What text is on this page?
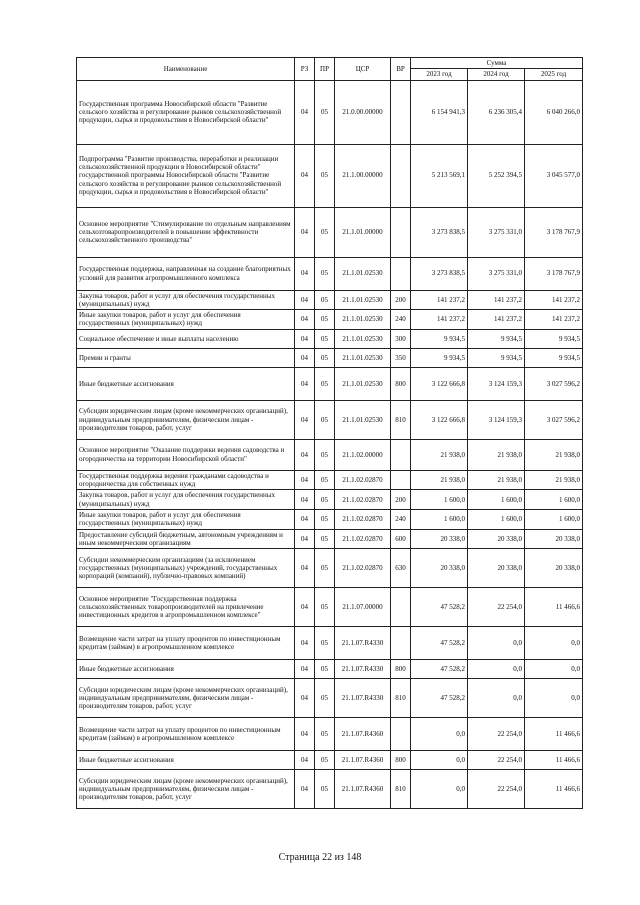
Наименование	РЗ	ПР	ЦСР	ВР	Сумма		
					2023 год	2024 год	2025 год
Государственная программа Новосибирской области "Развитие сельского хозяйства и регулирование рынков сельскохозяйственной продукции, сырья и продовольствия в Новосибирской области"	04	05	21.0.00.00000		6 154 941,3	6 236 305,4	6 040 266,0
Подпрограмма "Развитие производства, переработки и реализации сельскохозяйственной продукции в Новосибирской области" государственной программы Новосибирской области "Развитие сельского хозяйства и регулирование рынков сельскохозяйственной продукции, сырья и продовольствия в Новосибирской области"	04	05	21.1.00.00000		5 213 569,1	5 252 394,5	3 045 577,0
Основное мероприятие "Стимулирование по отдельным направлениям сельхозтоваропроизводителей в повышении эффективности сельскохозяйственного производства"	04	05	21.1.01.00000		3 273 838,5	3 275 331,0	3 178 767,9
Государственная поддержка, направленная на создание благоприятных условий для развития агропромышленного комплекса	04	05	21.1.01.02530		3 273 838,5	3 275 331,0	3 178 767,9
Закупка товаров, работ и услуг для обеспечения государственных (муниципальных) нужд	04	05	21.1.01.02530	200	141 237,2	141 237,2	141 237,2
Иные закупки товаров, работ и услуг для обеспечения государственных (муниципальных) нужд	04	05	21.1.01.02530	240	141 237,2	141 237,2	141 237,2
Социальное обеспечение и иные выплаты населению	04	05	21.1.01.02530	300	9 934,5	9 934,5	9 934,5
Премии и гранты	04	05	21.1.01.02530	350	9 934,5	9 934,5	9 934,5
Иные бюджетные ассигнования	04	05	21.1.01.02530	800	3 122 666,8	3 124 159,3	3 027 596,2
Субсидии юридическим лицам (кроме некоммерческих организаций), индивидуальным предпринимателям, физическим лицам - производителям товаров, работ, услуг	04	05	21.1.01.02530	810	3 122 666,8	3 124 159,3	3 027 596,2
Основное мероприятие "Оказание поддержки ведения садоводства и огородничества на территории Новосибирской области"	04	05	21.1.02.00000		21 938,0	21 938,0	21 938,0
Государственная поддержка ведения гражданами садоводства и огородничества для собственных нужд	04	05	21.1.02.02870		21 938,0	21 938,0	21 938,0
Закупка товаров, работ и услуг для обеспечения государственных (муниципальных) нужд	04	05	21.1.02.02870	200	1 600,0	1 600,0	1 600,0
Иные закупки товаров, работ и услуг для обеспечения государственных (муниципальных) нужд	04	05	21.1.02.02870	240	1 600,0	1 600,0	1 600,0
Предоставление субсидий бюджетным, автономным учреждениям и иным некоммерческим организациям	04	05	21.1.02.02870	600	20 338,0	20 338,0	20 338,0
Субсидии некоммерческим организациям (за исключением государственных (муниципальных) учреждений, государственных корпораций (компаний), публично-правовых компаний)	04	05	21.1.02.02870	630	20 338,0	20 338,0	20 338,0
Основное мероприятие "Государственная поддержка сельскохозяйственных товаропроизводителей на привлечение инвестиционных кредитов в агропромышленном комплексе"	04	05	21.1.07.00000		47 528,2	22 254,0	11 466,6
Возмещение части затрат на уплату процентов по инвестиционным кредитам (займам) в агропромышленном комплексе	04	05	21.1.07.R4330		47 528,2	0,0	0,0
Иные бюджетные ассигнования	04	05	21.1.07.R4330	800	47 528,2	0,0	0,0
Субсидии юридическим лицам (кроме некоммерческих организаций), индивидуальным предпринимателям, физическим лицам - производителям товаров, работ, услуг	04	05	21.1.07.R4330	810	47 528,2	0,0	0,0
Возмещение части затрат на уплату процентов по инвестиционным кредитам (займам) в агропромышленном комплексе	04	05	21.1.07.R4360		0,0	22 254,0	11 466,6
Иные бюджетные ассигнования	04	05	21.1.07.R4360	800	0,0	22 254,0	11 466,6
Субсидии юридическим лицам (кроме некоммерческих организаций), индивидуальным предпринимателям, физическим лицам - производителям товаров, работ, услуг	04	05	21.1.07.R4360	810	0,0	22 254,0	11 466,6
Страница 22 из 148
